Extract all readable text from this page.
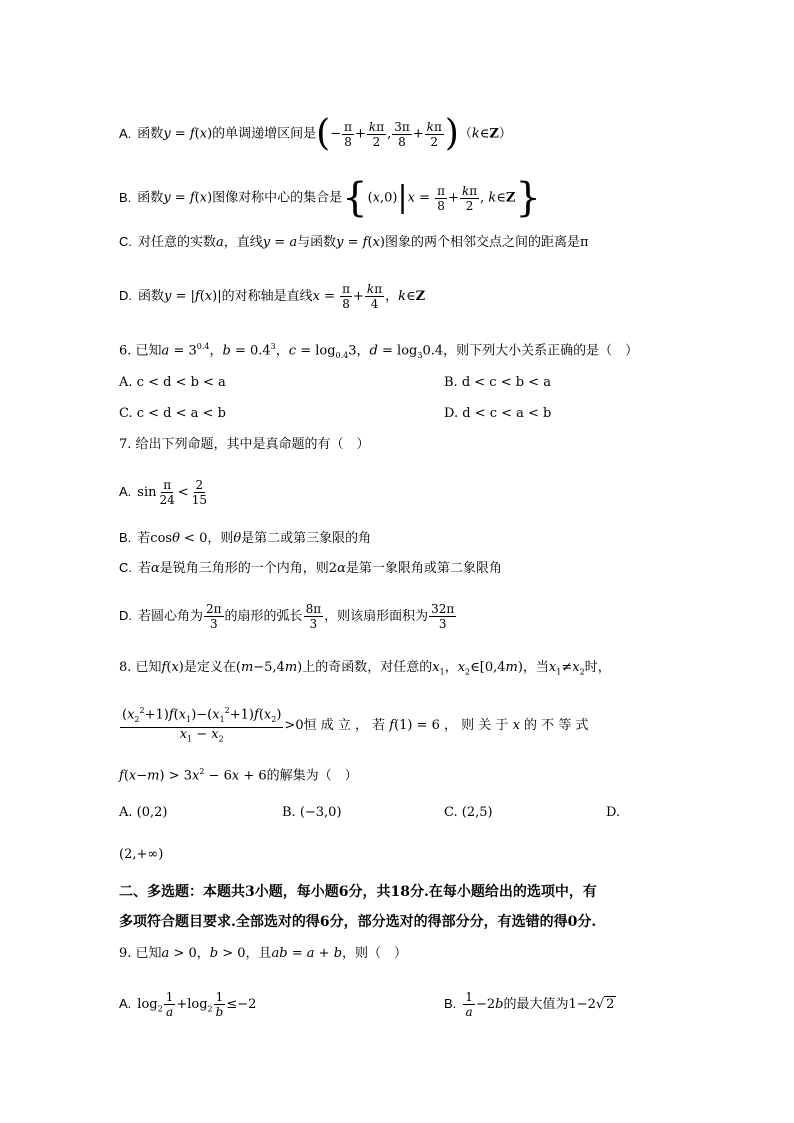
A. 函数y = f(x)的单调递增区间是(− $\frac{\pi}{8} + \frac{k\pi}{2}$ , $\frac{3\pi}{8} + \frac{k\pi}{2}$ )（k∈Z）
B. 函数y = f(x)图像对称中心的集合是{$(x,0)|x = \frac{\pi}{8} + \frac{k\pi}{2}$ , k∈Z}
C. 对任意的实数a，直线y = a与函数y = f(x)图象的两个相邻交点之间的距离是π
D. 函数y = |f(x)|的对称轴是直线$x = \frac{\pi}{8} + \frac{k\pi}{4}$ ，k∈Z
6. 已知$a = 3^{0.4}$，$b = 0.4^3$，$c = \log_{0.4}3$，$d = \log_30.4$，则下列大小关系正确的是（　）
A. c < d < b < a	B. d < c < b < a
C. c < d < a < b	D. d < c < a < b
7. 给出下列命题，其中是真命题的有（　）
A. $\sin \frac{\pi}{24} < \frac{2}{15}$
B. 若cosθ < 0，则θ是第二或第三象限的角
C. 若α是锐角三角形的一个内角，则2α是第一象限角或第二象限角
D. 若圆心角为 $\frac{2\pi}{3}$ 的扇形的弧长 $\frac{8\pi}{3}$ ，则该扇形面积为 $\frac{32\pi}{3}$
8. 已知f(x)是定义在(m−5,4m)上的奇函数，对任意的$x_1$，$x_2\in[0,4m)$，当$x_1\ne x_2$时，
$\frac{(x_2^2+1)f(x_1)-(x_1^2+1)f(x_2)}{x_1 - x_2} >0$恒 成 立 ， 若 f(1) = 6 ， 则 关 于 x 的 不 等 式
$f(x-m) > 3x^2 - 6x + 6$的解集为（　）
A. (0,2)	B. (−3,0)	C. (2,5)	D.
(2,+∞)
二、多选题：本题共3小题，每小题6分，共18分.在每小题给出的选项中，有
多项符合题目要求.全部选对的得6分，部分选对的得部分分，有选错的得0分.
9. 已知a > 0，b > 0，且ab = a + b，则（　）
A. $\log_2 \frac{1}{a} +\log_2 \frac{1}{b} \le-2$	B. $\frac{1}{a} -2b$的最大值为1−2√ 2
